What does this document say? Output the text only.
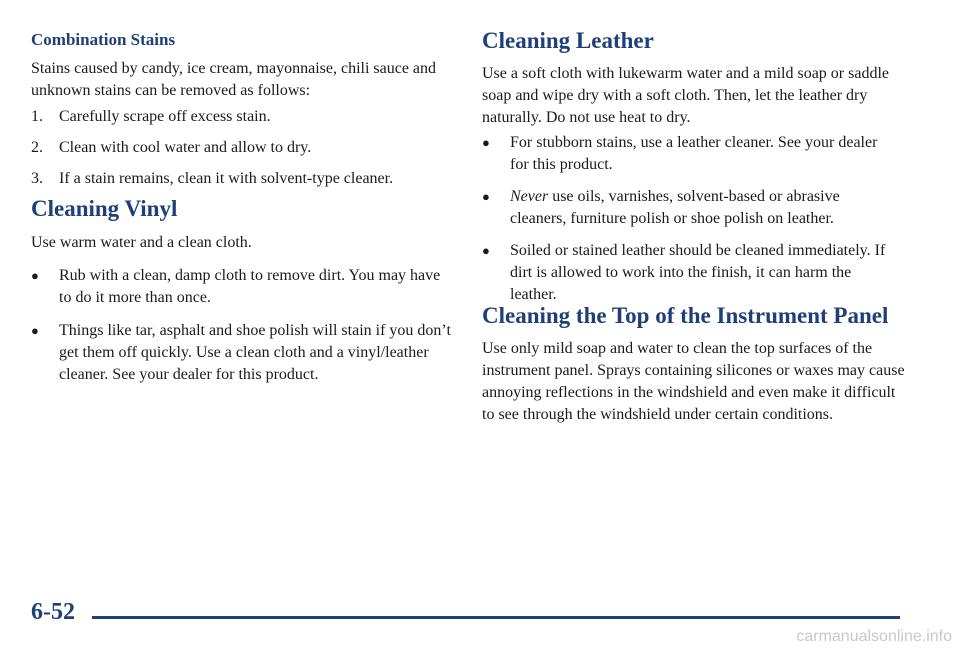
Combination Stains

Stains caused by candy, ice cream, mayonnaise, chili sauce and unknown stains can be removed as follows:

1.	Carefully scrape off excess stain.
2.	Clean with cool water and allow to dry.
3.	If a stain remains, clean it with solvent-type cleaner.
Cleaning Vinyl

Use warm water and a clean cloth.

●	Rub with a clean, damp cloth to remove dirt. You may have to do it more than once.
●	Things like tar, asphalt and shoe polish will stain if you don’t get them off quickly. Use a clean cloth and a vinyl/leather cleaner. See your dealer for this product.
Cleaning Leather

Use a soft cloth with lukewarm water and a mild soap or saddle soap and wipe dry with a soft cloth. Then, let the leather dry naturally. Do not use heat to dry.

●	For stubborn stains, use a leather cleaner. See your dealer for this product.
●	Never use oils, varnishes, solvent-based or abrasive cleaners, furniture polish or shoe polish on leather.
●	Soiled or stained leather should be cleaned immediately. If dirt is allowed to work into the finish, it can harm the leather.
Cleaning the Top of the Instrument Panel

Use only mild soap and water to clean the top surfaces of the instrument panel. Sprays containing silicones or waxes may cause annoying reflections in the windshield and even make it difficult to see through the windshield under certain conditions.

6-52
carmanualsonline.info
